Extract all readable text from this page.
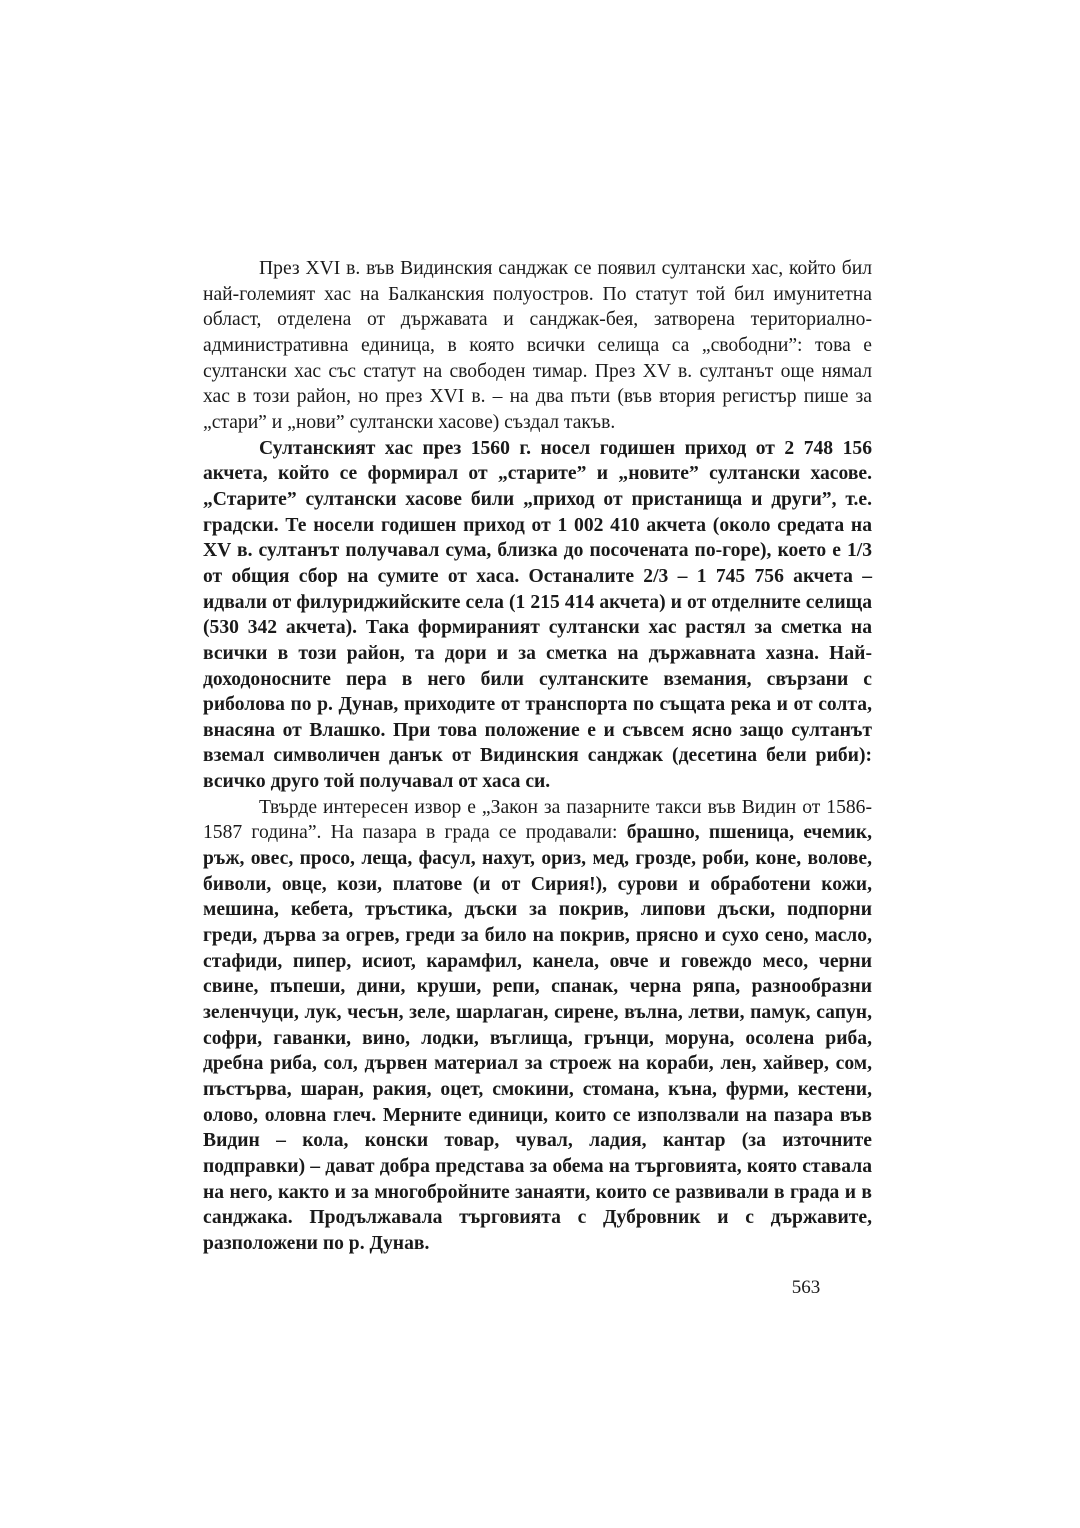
През XVI в. във Видинския санджак се появил султански хас, който бил най-големият хас на Балканския полуостров. По статут той бил имунитетна област, отделена от държавата и санджак-бея, затворена териториално-административна единица, в която всички селища са „свободни”: това е султански хас със статут на свободен тимар. През XV в. султанът още нямал хас в този район, но през XVI в. – на два пъти (във втория регистър пише за „стари” и „нови” султански хасове) създал такъв.

Султанският хас през 1560 г. носел годишен приход от 2 748 156 акчета, който се формирал от „старите” и „новите” султански хасове. „Старите” султански хасове били „приход от пристанища и други”, т.е. градски. Те носели годишен приход от 1 002 410 акчета (около средата на XV в. султанът получавал сума, близка до посочената по-горе), което е 1/3 от общия сбор на сумите от хаса. Останалите 2/3 – 1 745 756 акчета – идвали от филуриджийските села (1 215 414 акчета) и от отделните селища (530 342 акчета). Така формираният султански хас растял за сметка на всички в този район, та дори и за сметка на държавната хазна. Най-доходоносните пера в него били султанските вземания, свързани с риболова по р. Дунав, приходите от транспорта по същата река и от солта, внасяна от Влашко. При това положение е и съвсем ясно защо султанът вземал символичен данък от Видинския санджак (десетина бели риби): всичко друго той получавал от хаса си.

Твърде интересен извор е „Закон за пазарните такси във Видин от 1586-1587 година”. На пазара в града се продавали: брашно, пшеница, ечемик, ръж, овес, просо, леща, фасул, нахут, ориз, мед, грозде, роби, коне, волове, биволи, овце, кози, платове (и от Сирия!), сурови и обработени кожи, мешина, кебета, тръстика, дъски за покрив, липови дъски, подпорни греди, дърва за огрев, греди за било на покрив, прясно и сухо сено, масло, стафиди, пипер, исиот, карамфил, канела, овче и говеждо месо, черни свине, пъпеши, дини, круши, репи, спанак, черна ряпа, разнообразни зеленчуци, лук, чесън, зеле, шарлаган, сирене, вълна, летви, памук, сапун, софри, гаванки, вино, лодки, въглища, грънци, моруна, осолена риба, дребна риба, сол, дървен материал за строеж на кораби, лен, хайвер, сом, пъстърва, шаран, ракия, оцет, смокини, стомана, къна, фурми, кестени, олово, оловна глеч. Мерните единици, които се използвали на пазара във Видин – кола, конски товар, чувал, ладия, кантар (за източните подправки) – дават добра представа за обема на търговията, която ставала на него, както и за многобройните занаяти, които се развивали в града и в санджака. Продължавала търговията с Дубровник и с държавите, разположени по р. Дунав.

563
